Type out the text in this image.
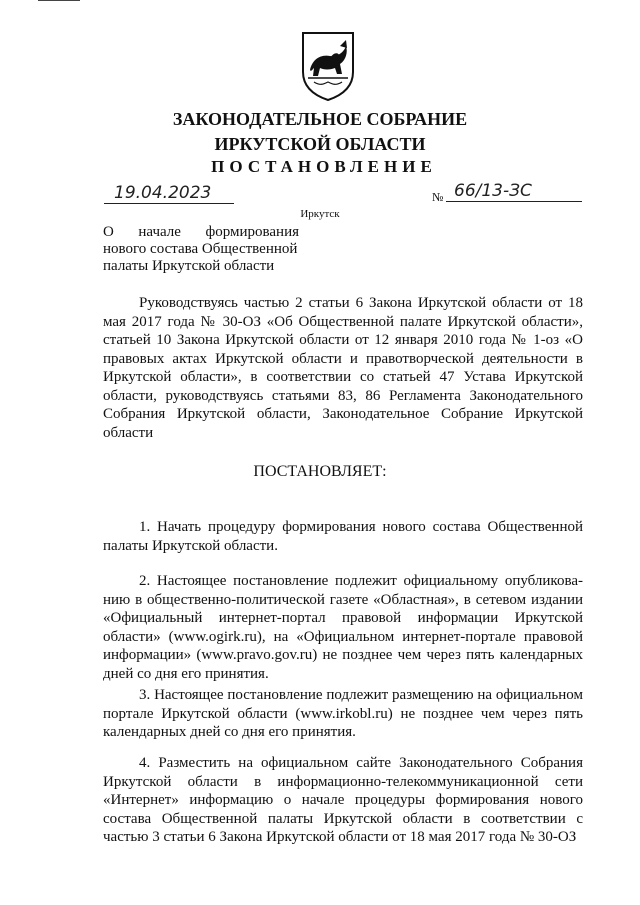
ЗАКОНОДАТЕЛЬНОЕ СОБРАНИЕ
ИРКУТСКОЙ ОБЛАСТИ
ПОСТАНОВЛЕНИЕ
19.04.2023	№ 66/13-ЗС
Иркутск
О начале формирования
нового состава Общественной
палаты Иркутской области

Руководствуясь частью 2 статьи 6 Закона Иркутской области от 18 мая 2017 года № 30-ОЗ «Об Общественной палате Иркутской области», статьей 10 Закона Иркутской области от 12 января 2010 года № 1-оз «О правовых актах Иркутской области и правотворческой деятельности в Иркутской области», в соответствии со статьей 47 Устава Иркутской области, руководствуясь статьями 83, 86 Регламента Законодательного Собрания Иркутской области, Законодательное Собрание Иркутской области

ПОСТАНОВЛЯЕТ:

1. Начать процедуру формирования нового состава Общественной палаты Иркутской области.

2. Настоящее постановление подлежит официальному опубликова-нию в общественно-политической газете «Областная», в сетевом издании «Официальный интернет-портал правовой информации Иркутской области» (www.ogirk.ru), на «Официальном интернет-портале правовой информации» (www.pravo.gov.ru) не позднее чем через пять календарных дней со дня его принятия.

3. Настоящее постановление подлежит размещению на официальном портале Иркутской области (www.irkobl.ru) не позднее чем через пять календарных дней со дня его принятия.

4. Разместить на официальном сайте Законодательного Собрания Иркутской области в информационно-телекоммуникационной сети «Интернет» информацию о начале процедуры формирования нового состава Общественной палаты Иркутской области в соответствии с частью 3 статьи 6 Закона Иркутской области от 18 мая 2017 года № 30-ОЗ
